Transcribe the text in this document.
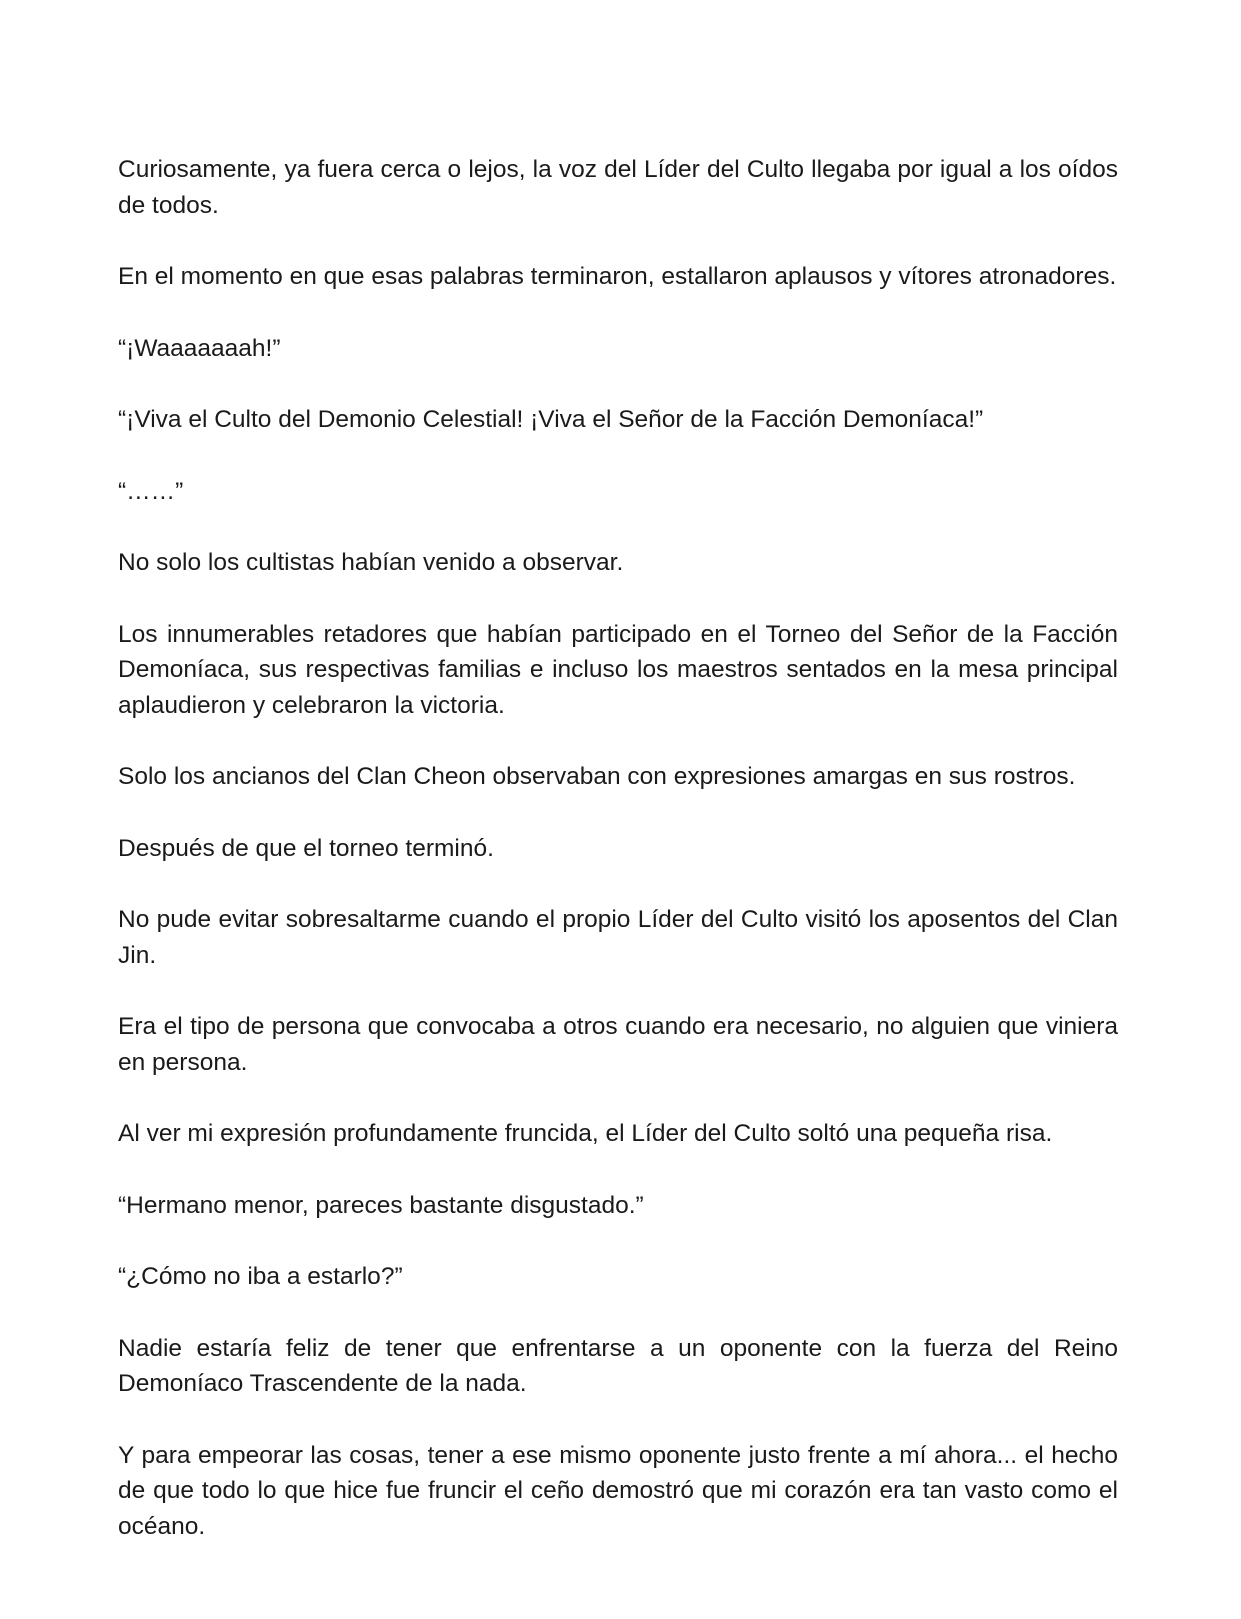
Curiosamente, ya fuera cerca o lejos, la voz del Líder del Culto llegaba por igual a los oídos de todos.

En el momento en que esas palabras terminaron, estallaron aplausos y vítores atronadores.

“¡Waaaaaaah!”

“¡Viva el Culto del Demonio Celestial! ¡Viva el Señor de la Facción Demoníaca!”

“……”

No solo los cultistas habían venido a observar.

Los innumerables retadores que habían participado en el Torneo del Señor de la Facción Demoníaca, sus respectivas familias e incluso los maestros sentados en la mesa principal aplaudieron y celebraron la victoria.

Solo los ancianos del Clan Cheon observaban con expresiones amargas en sus rostros.

Después de que el torneo terminó.

No pude evitar sobresaltarme cuando el propio Líder del Culto visitó los aposentos del Clan Jin.

Era el tipo de persona que convocaba a otros cuando era necesario, no alguien que viniera en persona.

Al ver mi expresión profundamente fruncida, el Líder del Culto soltó una pequeña risa.

“Hermano menor, pareces bastante disgustado.”

“¿Cómo no iba a estarlo?”

Nadie estaría feliz de tener que enfrentarse a un oponente con la fuerza del Reino Demoníaco Trascendente de la nada.

Y para empeorar las cosas, tener a ese mismo oponente justo frente a mí ahora... el hecho de que todo lo que hice fue fruncir el ceño demostró que mi corazón era tan vasto como el océano.
